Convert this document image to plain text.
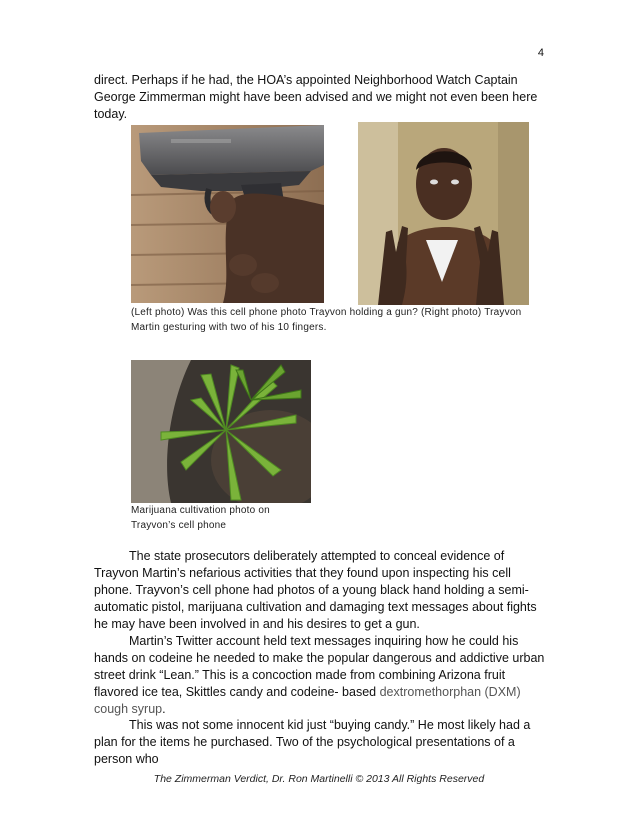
4

direct. Perhaps if he had, the HOA’s appointed Neighborhood Watch Captain George Zimmerman might have been advised and we might not even been here today.

(Left photo) Was this cell phone photo Trayvon holding a gun? (Right photo) Trayvon Martin gesturing with two of his 10 fingers.

Marijuana cultivation photo on
Trayvon’s cell phone

The state prosecutors deliberately attempted to conceal evidence of Trayvon Martin’s nefarious activities that they found upon inspecting his cell phone. Trayvon’s cell phone had photos of a young black hand holding a semi-automatic pistol, marijuana cultivation and damaging text messages about fights he may have been involved in and his desires to get a gun.

Martin’s Twitter account held text messages inquiring how he could his hands on codeine he needed to make the popular dangerous and addictive urban street drink “Lean.” This is a concoction made from combining Arizona fruit flavored ice tea, Skittles candy and codeine- based dextromethorphan (DXM) cough syrup.

This was not some innocent kid just “buying candy.” He most likely had a plan for the items he purchased. Two of the psychological presentations of a person who

The Zimmerman Verdict, Dr. Ron Martinelli © 2013 All Rights Reserved
